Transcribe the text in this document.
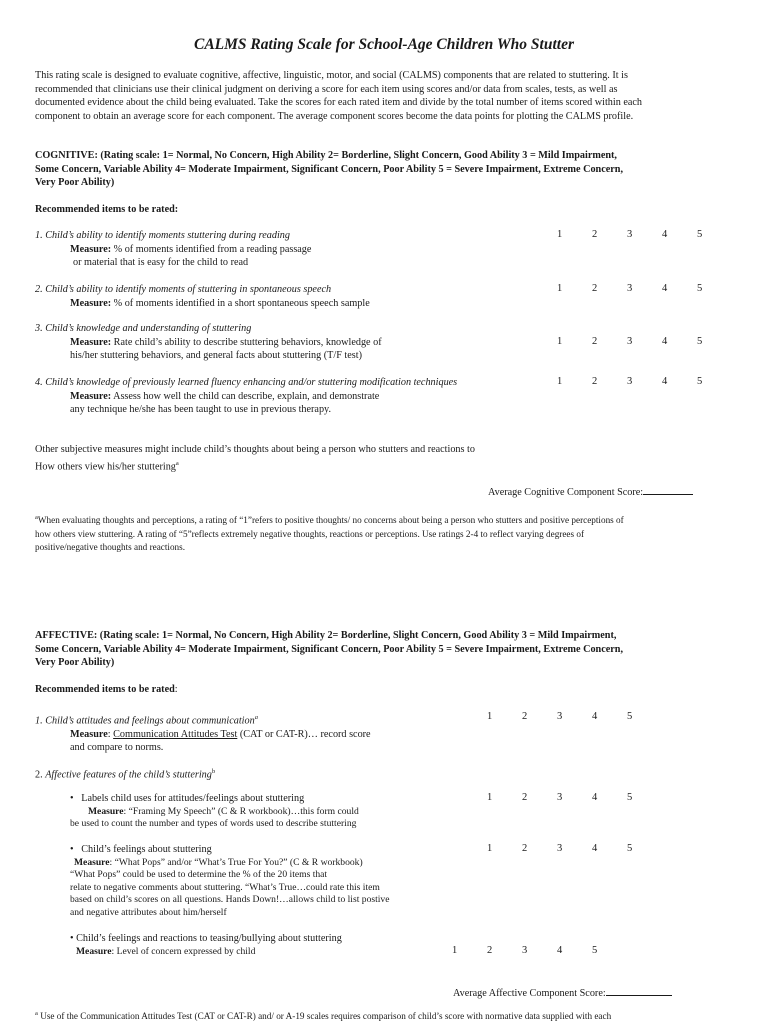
CALMS Rating Scale for School-Age Children Who Stutter
This rating scale is designed to evaluate cognitive, affective, linguistic, motor, and social (CALMS) components that are related to stuttering. It is
recommended that clinicians use their clinical judgment on deriving a score for each item using scores and/or data from scales, tests, as well as
documented evidence about the child being evaluated. Take the scores for each rated item and divide by the total number of items scored within each
component to obtain an average score for each component. The average component scores become the data points for plotting the CALMS profile.
COGNITIVE: (Rating scale: 1= Normal, No Concern, High Ability 2= Borderline, Slight Concern, Good Ability 3 = Mild Impairment,
Some Concern, Variable Ability 4= Moderate Impairment, Significant Concern, Poor Ability 5 = Severe Impairment, Extreme Concern,
Very Poor Ability)
Recommended items to be rated:
1. Child’s ability to identify moments stuttering during reading
Measure: % of moments identified from a reading passage
or material that is easy for the child to read
1	2	3	4	5
2. Child’s ability to identify moments of stuttering in spontaneous speech
Measure: % of moments identified in a short spontaneous speech sample
1	2	3	4	5
3. Child’s knowledge and understanding of stuttering
Measure: Rate child’s ability to describe stuttering behaviors, knowledge of
his/her stuttering behaviors, and general facts about stuttering (T/F test)
1	2	3	4	5
4. Child’s knowledge of previously learned fluency enhancing and/or stuttering modification techniques
Measure: Assess how well the child can describe, explain, and demonstrate
any technique he/she has been taught to use in previous therapy.
1	2	3	4	5
Other subjective measures might include child’s thoughts about being a person who stutters and reactions to
How others view his/her stuttering$^a$
Average Cognitive Component Score:
$^a$When evaluating thoughts and perceptions, a rating of “1”refers to positive thoughts/ no concerns about being a person who stutters and positive perceptions of
how others view stuttering. A rating of “5”reflects extremely negative thoughts, reactions or perceptions. Use ratings 2-4 to reflect varying degrees of
positive/negative thoughts and reactions.
AFFECTIVE: (Rating scale: 1= Normal, No Concern, High Ability 2= Borderline, Slight Concern, Good Ability 3 = Mild Impairment,
Some Concern, Variable Ability 4= Moderate Impairment, Significant Concern, Poor Ability 5 = Severe Impairment, Extreme Concern,
Very Poor Ability)
Recommended items to be rated:
1. Child’s attitudes and feelings about communication$^a$
Measure: Communication Attitudes Test (CAT or CAT-R)… record score
and compare to norms.
1	2	3	4	5
2. Affective features of the child’s stuttering$^b$
• Labels child uses for attitudes/feelings about stuttering
Measure: “Framing My Speech” (C & R workbook)…this form could
be used to count the number and types of words used to describe stuttering
1	2	3	4	5
• Child’s feelings about stuttering
Measure: “What Pops” and/or “What’s True For You?” (C & R workbook)
“What Pops” could be used to determine the % of the 20 items that
relate to negative comments about stuttering. “What’s True…could rate this item
based on child’s scores on all questions. Hands Down!…allows child to list postive
and negative attributes about him/herself
1	2	3	4	5
• Child’s feelings and reactions to teasing/bullying about stuttering
Measure: Level of concern expressed by child	1	2	3	4	5
Average Affective Component Score:
$^a$ Use of the Communication Attitudes Test (CAT or CAT-R) and/ or A-19 scales requires comparison of child’s score with normative data supplied with each
